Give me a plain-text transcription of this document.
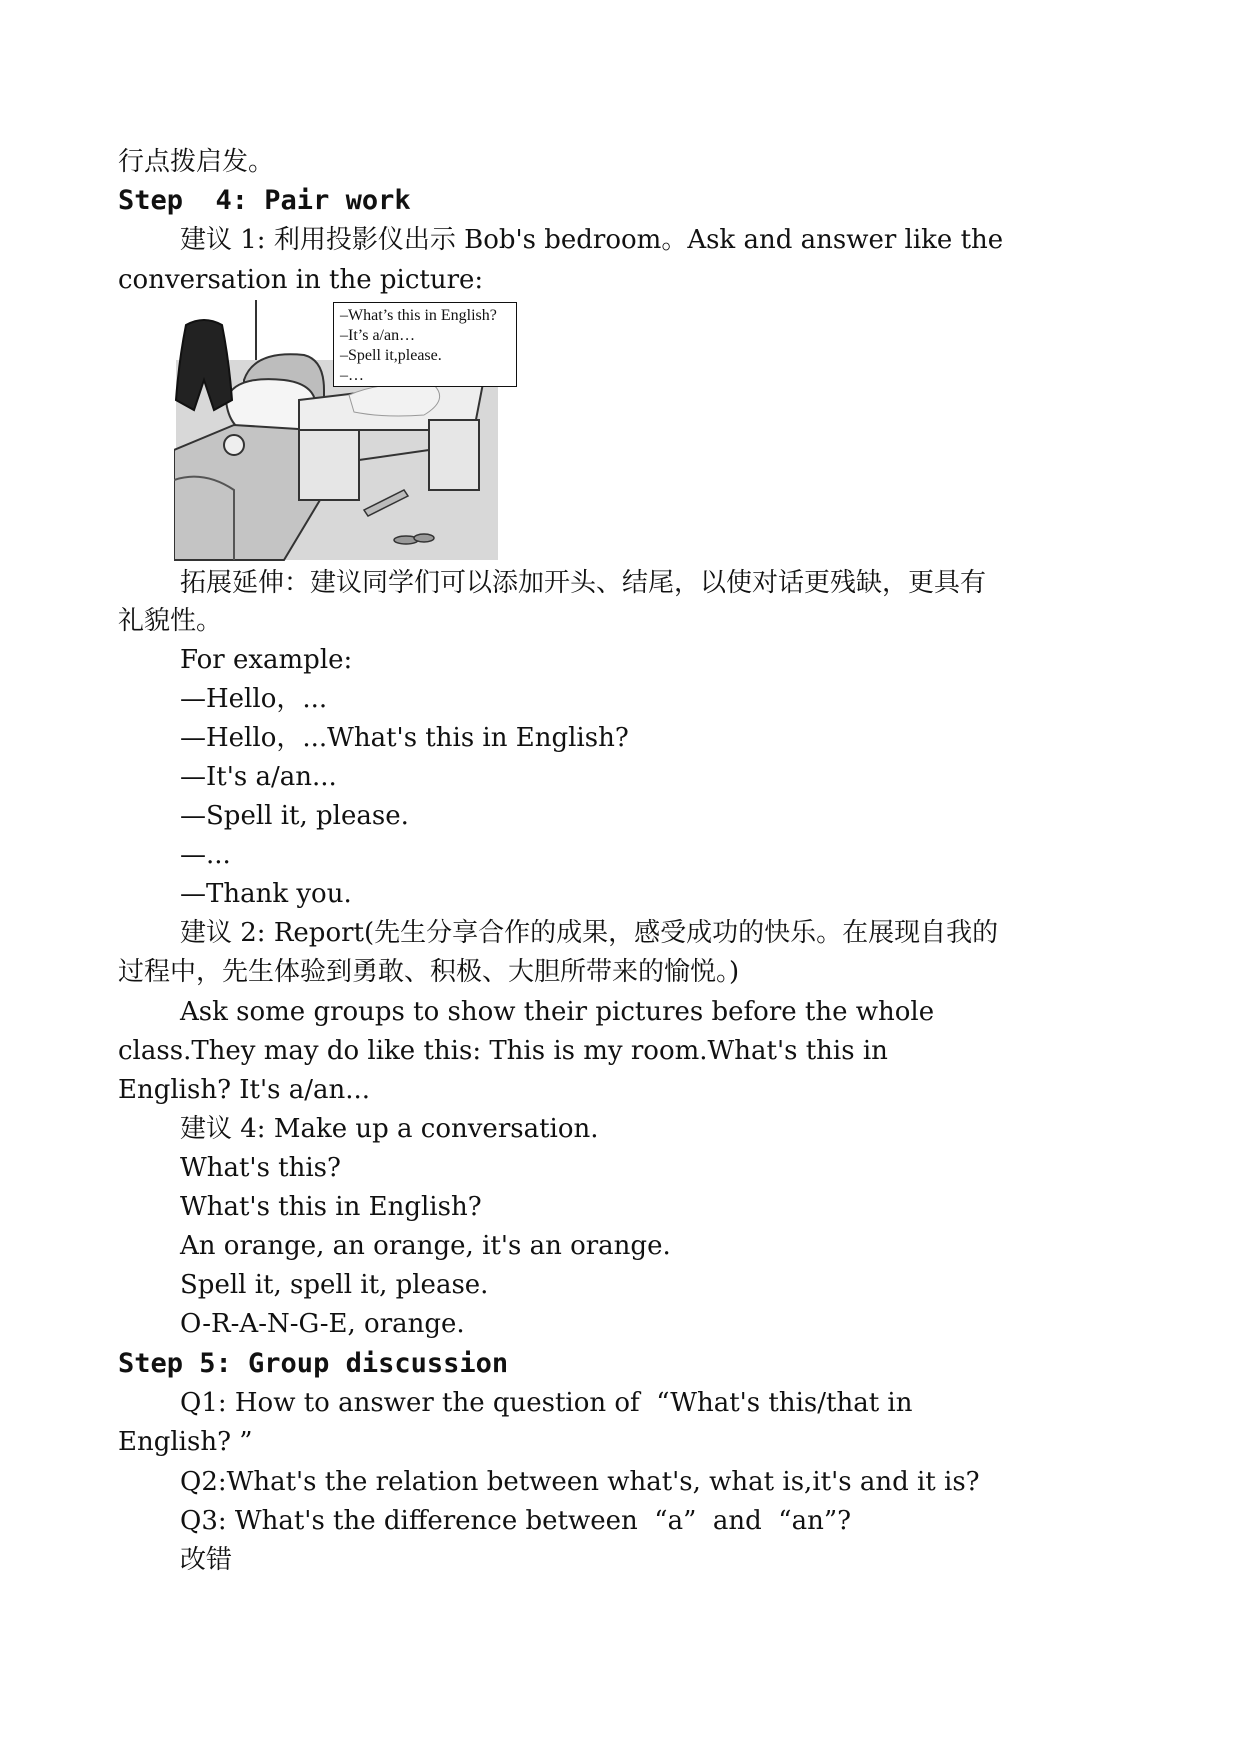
行点拨启发。
Step  4: Pair work
建议 1: 利用投影仪出示 Bob's bedroom。Ask and answer like the
conversation in the picture:
–What’s this in English?
–It’s a/an…
–Spell it,please.
–…
拓展延伸：建议同学们可以添加开头、结尾，以使对话更残缺，更具有
礼貌性。
For example:
—Hello，...
—Hello，...What's this in English?
—It's a/an...
—Spell it, please.
—...
—Thank you.
建议 2: Report(先生分享合作的成果，感受成功的快乐。在展现自我的
过程中，先生体验到勇敢、积极、大胆所带来的愉悦。)
Ask some groups to show their pictures before the whole
class.They may do like this: This is my room.What's this in
English? It's a/an...
建议 4: Make up a conversation.
What's this?
What's this in English?
An orange, an orange, it's an orange.
Spell it, spell it, please.
O-R-A-N-G-E, orange.
Step 5: Group discussion
Q1: How to answer the question of  “What's this/that in
English? ”
Q2:What's the relation between what's, what is,it's and it is?
Q3: What's the difference between  “a”  and  “an”?
改错
